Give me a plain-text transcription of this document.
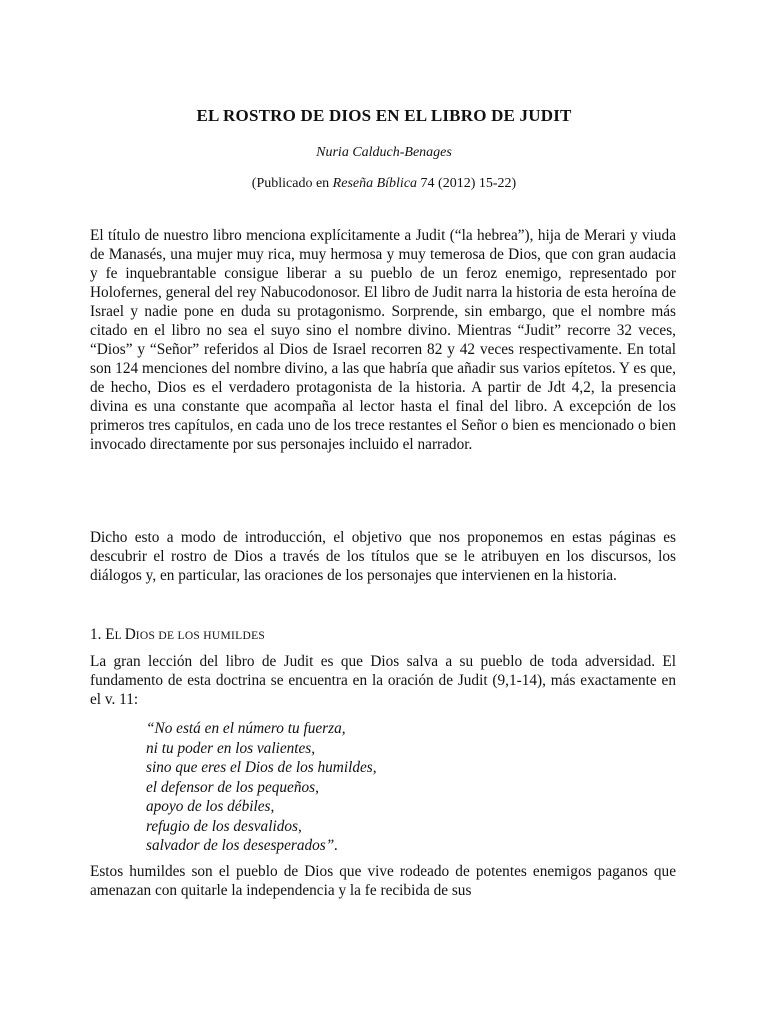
EL ROSTRO DE DIOS EN EL LIBRO DE JUDIT
Nuria Calduch-Benages
(Publicado en Reseña Bíblica 74 (2012) 15-22)

El título de nuestro libro menciona explícitamente a Judit (“la hebrea”), hija de Merari y viuda de Manasés, una mujer muy rica, muy hermosa y muy temerosa de Dios, que con gran audacia y fe inquebrantable consigue liberar a su pueblo de un feroz enemigo, representado por Holofernes, general del rey Nabucodonosor. El libro de Judit narra la historia de esta heroína de Israel y nadie pone en duda su protagonismo. Sorprende, sin embargo, que el nombre más citado en el libro no sea el suyo sino el nombre divino. Mientras “Judit” recorre 32 veces, “Dios” y “Señor” referidos al Dios de Israel recorren 82 y 42 veces respectivamente. En total son 124 menciones del nombre divino, a las que habría que añadir sus varios epítetos. Y es que, de hecho, Dios es el verdadero protagonista de la historia. A partir de Jdt 4,2, la presencia divina es una constante que acompaña al lector hasta el final del libro. A excepción de los primeros tres capítulos, en cada uno de los trece restantes el Señor o bien es mencionado o bien invocado directamente por sus personajes incluido el narrador.

Dicho esto a modo de introducción, el objetivo que nos proponemos en estas páginas es descubrir el rostro de Dios a través de los títulos que se le atribuyen en los discursos, los diálogos y, en particular, las oraciones de los personajes que intervienen en la historia.

1. EL DIOS DE LOS HUMILDES

La gran lección del libro de Judit es que Dios salva a su pueblo de toda adversidad. El fundamento de esta doctrina se encuentra en la oración de Judit (9,1-14), más exactamente en el v. 11:

“No está en el número tu fuerza,
ni tu poder en los valientes,
sino que eres el Dios de los humildes,
el defensor de los pequeños,
apoyo de los débiles,
refugio de los desvalidos,
salvador de los desesperados”.

Estos humildes son el pueblo de Dios que vive rodeado de potentes enemigos paganos que amenazan con quitarle la independencia y la fe recibida de sus
